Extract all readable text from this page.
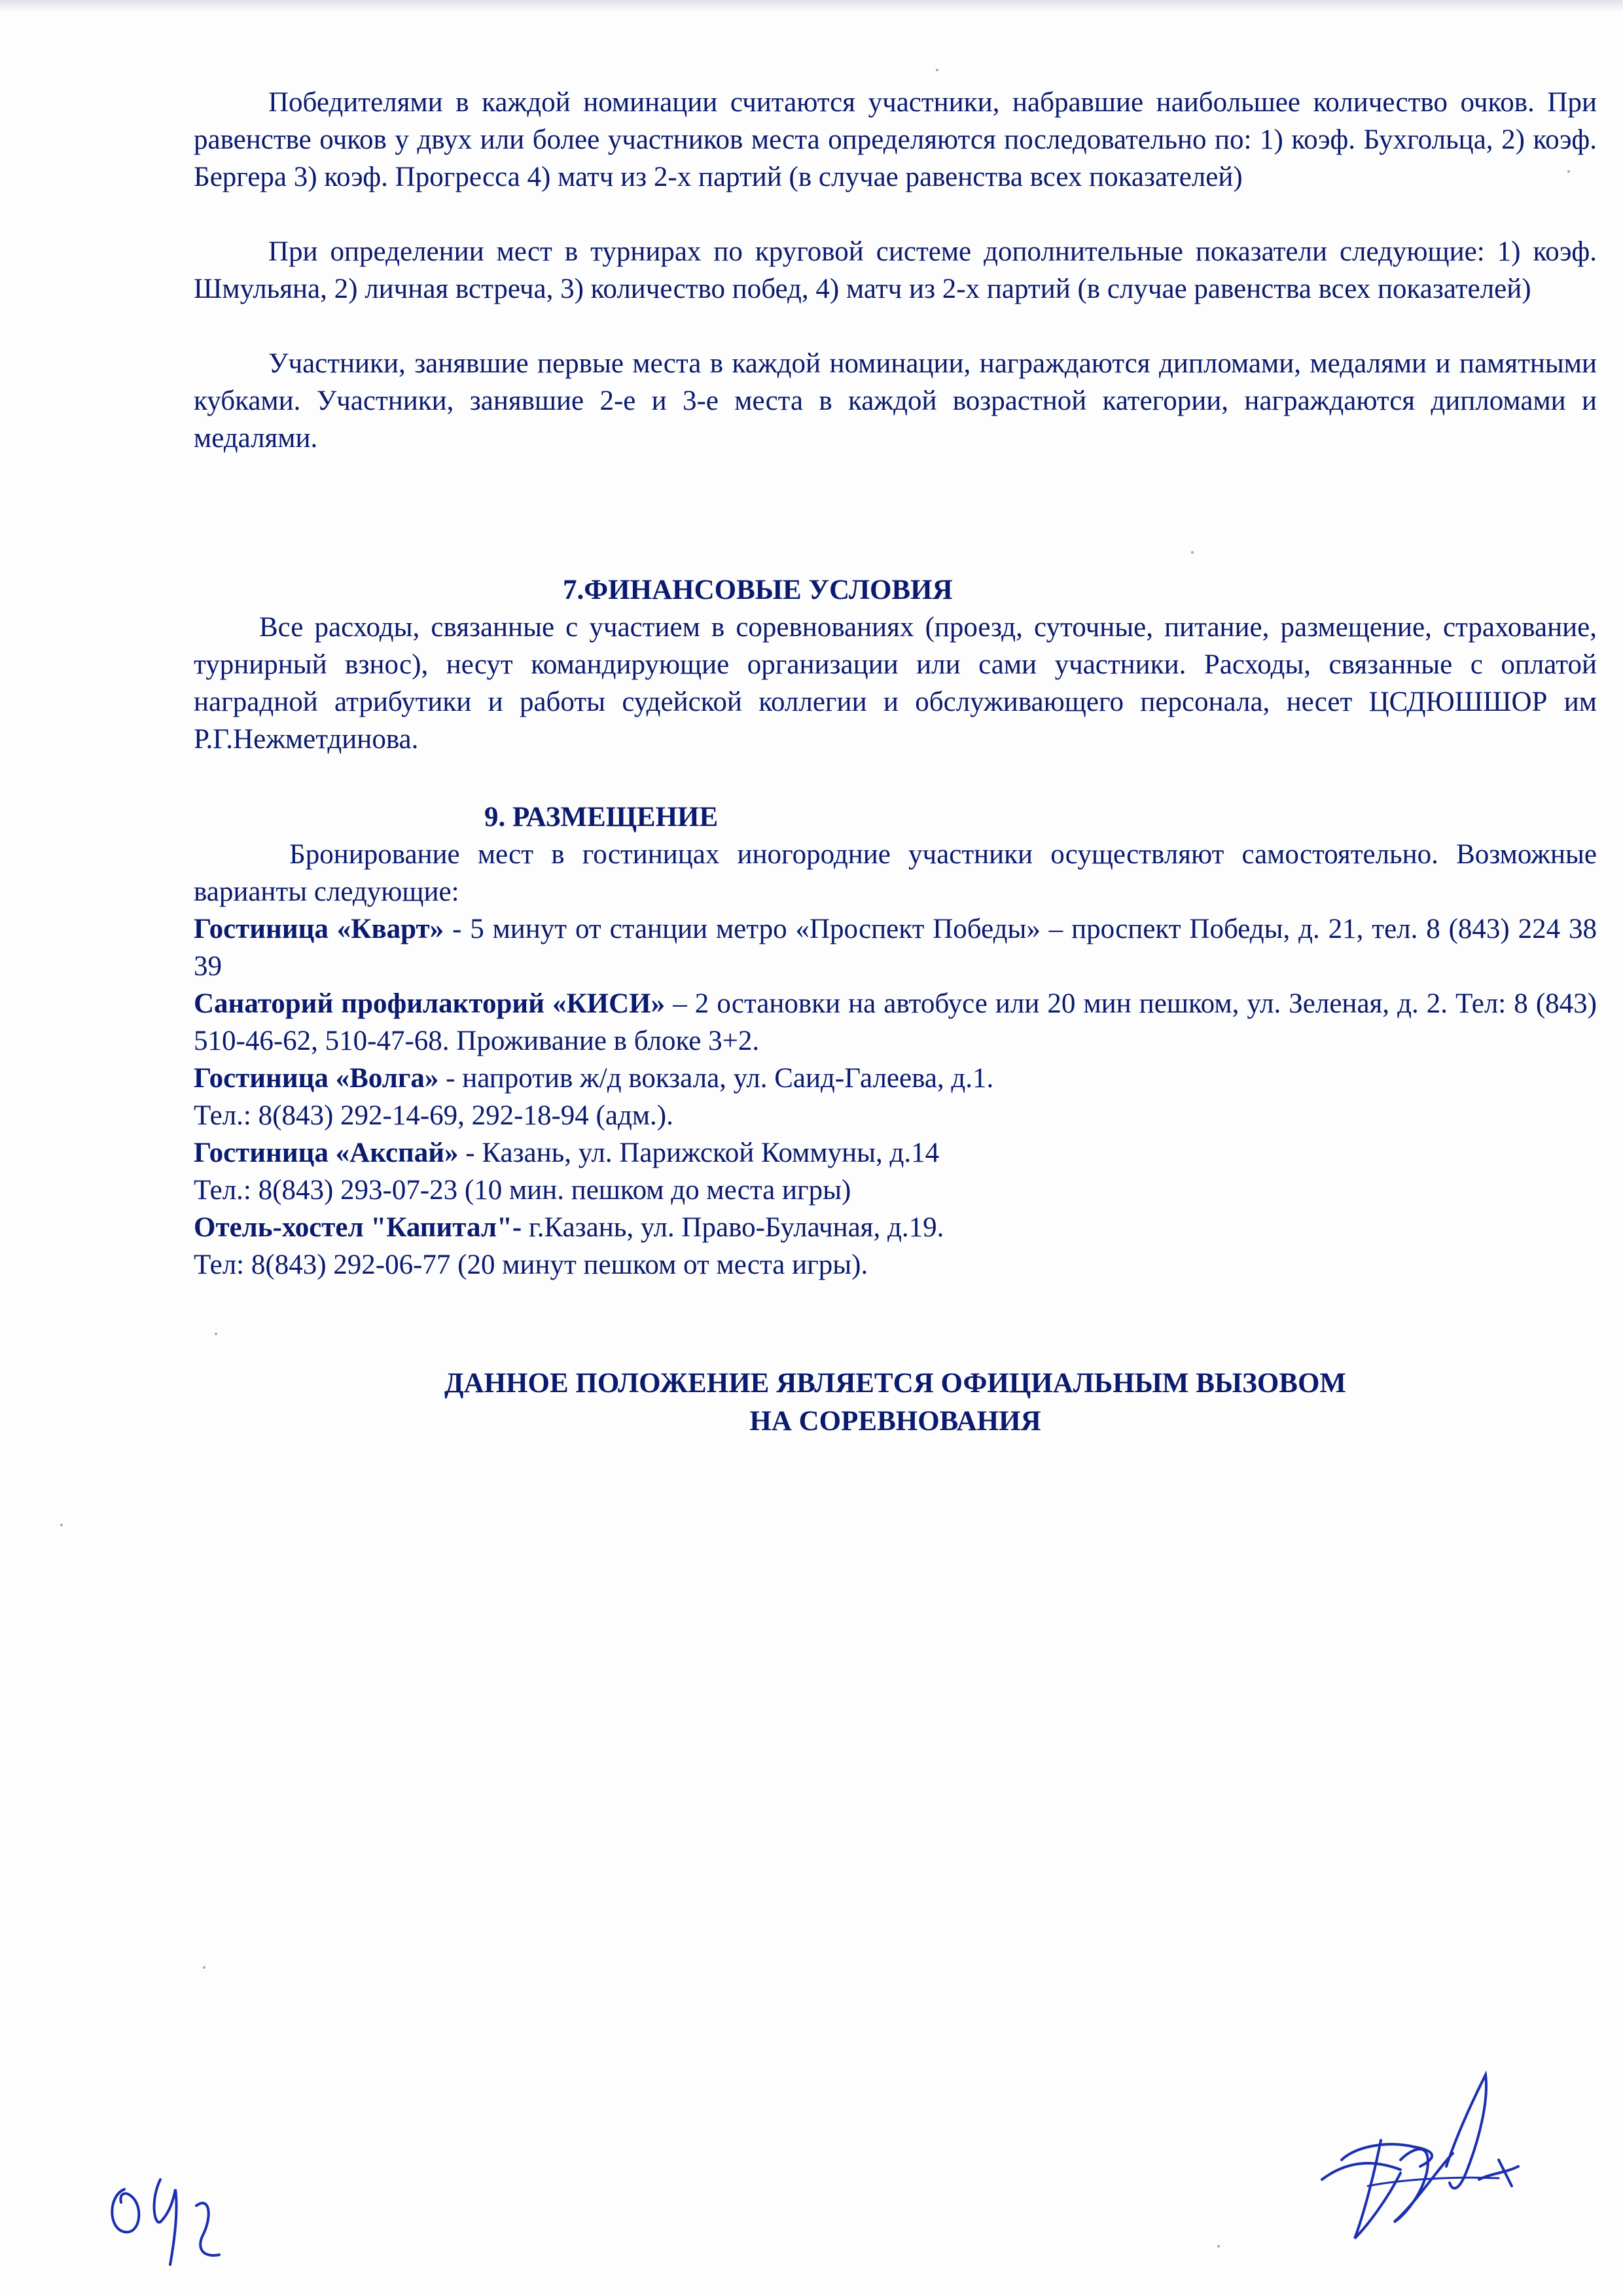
Победителями в каждой номинации считаются участники, набравшие наибольшее количество очков. При равенстве очков у двух или более участников места определяются последовательно по: 1) коэф. Бухгольца, 2) коэф. Бергера 3) коэф. Прогресса 4) матч из 2-х партий (в случае равенства всех показателей)

При определении мест в турнирах по круговой системе дополнительные показатели следующие: 1) коэф. Шмульяна, 2) личная встреча, 3) количество побед, 4) матч из 2-х партий (в случае равенства всех показателей)

Участники, занявшие первые места в каждой номинации, награждаются дипломами, медалями и памятными кубками. Участники, занявшие 2-е и 3-е места в каждой возрастной категории, награждаются дипломами и медалями.

7.ФИНАНСОВЫЕ УСЛОВИЯ

Все расходы, связанные с участием в соревнованиях (проезд, суточные, питание, размещение, страхование, турнирный взнос), несут командирующие организации или сами участники. Расходы, связанные с оплатой наградной атрибутики и работы судейской коллегии и обслуживающего персонала, несет ЦСДЮШШОР им Р.Г.Нежметдинова.

9. РАЗМЕЩЕНИЕ

Бронирование мест в гостиницах иногородние участники осуществляют самостоятельно. Возможные варианты следующие:

Гостиница «Кварт» - 5 минут от станции метро «Проспект Победы» – проспект Победы, д. 21, тел. 8 (843) 224 38 39

Санаторий профилакторий «КИСИ» – 2 остановки на автобусе или 20 мин пешком, ул. Зеленая, д. 2. Тел: 8 (843) 510-46-62, 510-47-68. Проживание в блоке 3+2.

Гостиница «Волга» - напротив ж/д вокзала, ул. Саид-Галеева, д.1.

Тел.: 8(843) 292-14-69, 292-18-94 (адм.).

Гостиница «Акспай» - Казань, ул. Парижской Коммуны, д.14

Тел.: 8(843) 293-07-23 (10 мин. пешком до места игры)

Отель-хостел "Капитал"- г.Казань, ул. Право-Булачная, д.19.

Тел: 8(843) 292-06-77 (20 минут пешком от места игры).

ДАННОЕ ПОЛОЖЕНИЕ ЯВЛЯЕТСЯ ОФИЦИАЛЬНЫМ ВЫЗОВОМ
НА СОРЕВНОВАНИЯ
